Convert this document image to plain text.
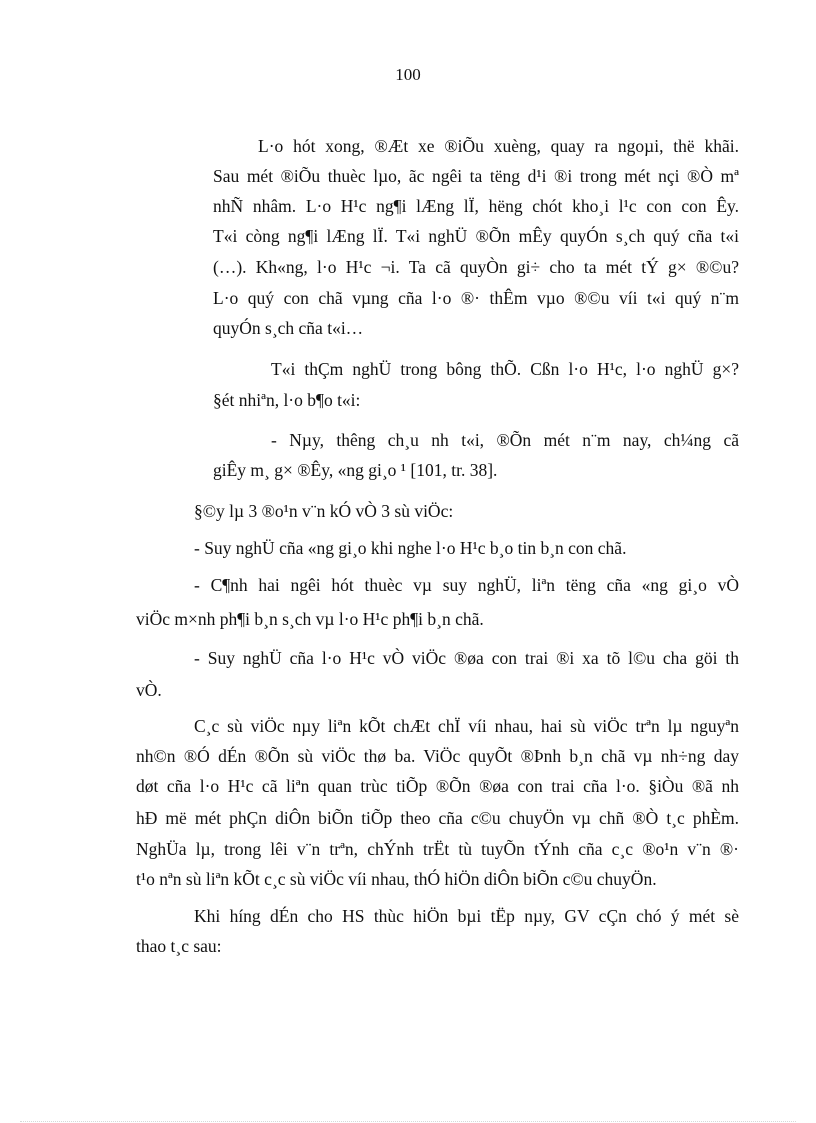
100
L·o hót xong, ®Æt xe ®iÕu xuèng, quay ra ngoµi, thë khãi.
Sau mét ®iÕu thuèc lµo, ãc ngêi ta tëng d¹i ®i trong mét nçi ®Ò mª
nhÑ nhâm. L·o H¹c ng¶i lÆng lÏ, hëng chót kho¸i l¹c con con Êy.
T«i còng ng¶i lÆng lÏ. T«i nghÜ ®Õn mÊy quyÓn s¸ch quý cña t«i
(…). Kh«ng, l·o H¹c ¬i. Ta cã quyÒn gi÷ cho ta mét tÝ g× ®©u?
L·o quý con chã vµng cña l·o ®· thÊm vµo ®©u víi t«i quý n¨m
quyÓn s¸ch cña t«i…
T«i thÇm nghÜ trong bông thÕ. Cßn l·o H¹c, l·o nghÜ g×?
§ét nhiªn, l·o b¶o t«i:
- Nµy, thêng ch¸u nh t«i, ®Õn mét n¨m nay, ch¼ng cã
giÊy m¸ g× ®Êy, «ng gi¸o ¹ [101, tr. 38].
§©y lµ 3 ®o¹n v¨n kÓ vÒ 3 sù viÖc:
- Suy nghÜ cña «ng gi¸o khi nghe l·o H¹c b¸o tin b¸n con chã.
- C¶nh hai ngêi hót thuèc vµ suy nghÜ, liªn tëng cña «ng gi¸o vÒ
viÖc m×nh ph¶i b¸n s¸ch vµ l·o H¹c ph¶i b¸n chã.
- Suy nghÜ cña l·o H¹c vÒ viÖc ®øa con trai ®i xa tõ l©u cha göi th
vÒ.
C¸c sù viÖc nµy liªn kÕt chÆt chÏ víi nhau, hai sù viÖc trªn lµ nguyªn
nh©n ®Ó dÉn ®Õn sù viÖc thø ba. ViÖc quyÕt ®Þnh b¸n chã vµ nh÷ng day
døt cña l·o H¹c cã liªn quan trùc tiÕp ®Õn ®øa con trai cña l·o. §iÒu ®ã nh
hÐ më mét phÇn diÔn biÕn tiÕp theo cña c©u chuyÖn vµ chñ ®Ò t¸c phÈm.
NghÜa lµ, trong lêi v¨n trªn, chÝnh trËt tù tuyÕn tÝnh cña c¸c ®o¹n v¨n ®·
t¹o nªn sù liªn kÕt c¸c sù viÖc víi nhau, thÓ hiÖn diÔn biÕn c©u chuyÖn.
Khi híng dÉn cho HS thùc hiÖn bµi tËp nµy, GV cÇn chó ý mét sè
thao t¸c sau:
